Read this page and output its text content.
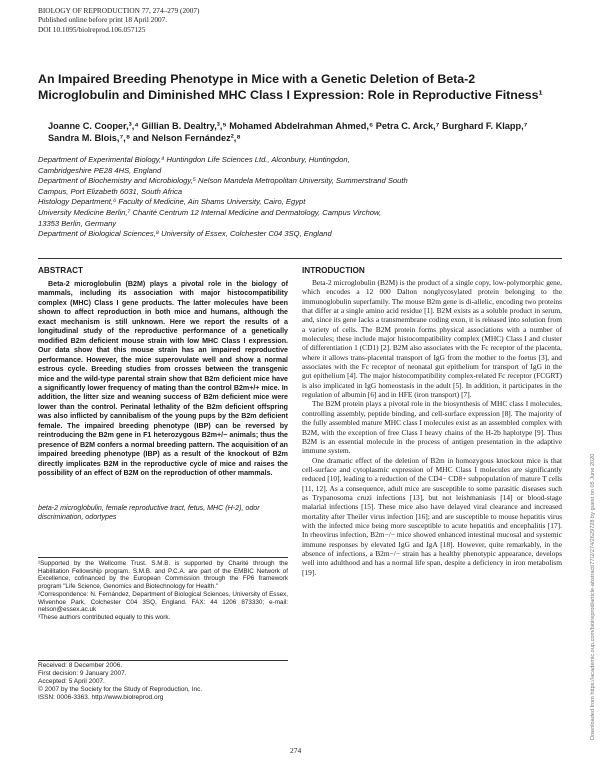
BIOLOGY OF REPRODUCTION 77, 274–279 (2007)
Published online before print 18 April 2007.
DOI 10.1095/biolreprod.106.057125
An Impaired Breeding Phenotype in Mice with a Genetic Deletion of Beta-2 Microglobulin and Diminished MHC Class I Expression: Role in Reproductive Fitness¹
Joanne C. Cooper,³,⁴ Gillian B. Dealtry,³,⁵ Mohamed Abdelrahman Ahmed,⁶ Petra C. Arck,⁷ Burghard F. Klapp,⁷ Sandra M. Blois,⁷,⁸ and Nelson Fernández²,⁸
Department of Experimental Biology,⁴ Huntingdon Life Sciences Ltd., Alconbury, Huntingdon,
Cambridgeshire PE28 4HS, England
Department of Biochemistry and Microbiology,⁵ Nelson Mandela Metropolitan University, Summerstrand South
Campus, Port Elizabeth 6031, South Africa
Histology Department,⁶ Faculty of Medicine, Ain Shams University, Cairo, Egypt
University Medicine Berlin,⁷ Charité Centrum 12 Internal Medicine and Dermatology, Campus Virchow,
13353 Berlin, Germany
Department of Biological Sciences,⁸ University of Essex, Colchester C04 3SQ, England
Downloaded from https://academic.oup.com/biolreprod/article-abstract/77/2/274/2629728 by guest on 05 June 2020
ABSTRACT
Beta-2 microglobulin (B2M) plays a pivotal role in the biology of mammals, including its association with major histocompatibility complex (MHC) Class I gene products. The latter molecules have been shown to affect reproduction in both mice and humans, although the exact mechanism is still unknown. Here we report the results of a longitudinal study of the reproductive performance of a genetically modified B2m deficient mouse strain with low MHC Class I expression. Our data show that this mouse strain has an impaired reproductive performance. However, the mice superovulate well and show a normal estrous cycle. Breeding studies from crosses between the transgenic mice and the wild-type parental strain show that B2m deficient mice have a significantly lower frequency of mating than the control B2m+/+ mice. In addition, the litter size and weaning success of B2m deficient mice were lower than the control. Perinatal lethality of the B2m deficient offspring was also inflicted by cannibalism of the young pups by the B2m deficient female. The impaired breeding phenotype (IBP) can be reversed by reintroducing the B2m gene in F1 heterozygous B2m+/− animals; thus the presence of B2M confers a normal breeding pattern. The acquisition of an impaired breeding phenotype (IBP) as a result of the knockout of B2m directly implicates B2M in the reproductive cycle of mice and raises the possibility of an effect of B2M on the reproduction of other mammals.
beta-2 microglobulin, female reproductive tract, fetus, MHC (H-2), odor discrimination, odortypes

¹Supported by the Wellcome Trust. S.M.B. is supported by Charité through the Habilitation Fellowship program. S.M.B. and P.C.A. are part of the EMBIC Network of Excellence, cofinanced by the European Commission through the FP6 framework program "Life Science, Genomics and Biotechnology for Health."

²Correspondence: N. Fernández, Department of Biological Sciences, University of Essex, Wivenhoe Park, Colchester C04 3SQ, England. FAX: 44 1206 873330; e-mail: nelson@essex.ac.uk

³These authors contributed equally to this work.

Received: 8 December 2006.
First decision: 9 January 2007.
Accepted: 5 April 2007.
© 2007 by the Society for the Study of Reproduction, Inc.
ISSN: 0006-3363. http://www.biolreprod.org
INTRODUCTION

Beta-2 microglobulin (B2M) is the product of a single copy, low-polymorphic gene, which encodes a 12 000 Dalton nonglycosylated protein belonging to the immunoglobulin superfamily. The mouse B2m gene is di-allelic, encoding two proteins that differ at a single amino acid residue [1]. B2M exists as a soluble product in serum, and, since its gene lacks a transmembrane coding exon, it is released into solution from a variety of cells. The B2M protein forms physical associations with a number of molecules; these include major histocompatibility complex (MHC) Class I and cluster of differentiation 1 (CD1) [2]. B2M also associates with the Fc receptor of the placenta, where it allows trans-placental transport of IgG from the mother to the foetus [3], and associates with the Fc receptor of neonatal gut epithelium for transport of IgG in the gut epithelium [4]. The major histocompatibility complex-related Fc receptor (FCGRT) is also implicated in IgG homeostasis in the adult [5]. In addition, it participates in the regulation of albumin [6] and in HFE (iron transport) [7].

The B2M protein plays a pivotal role in the biosynthesis of MHC class I molecules, controlling assembly, peptide binding, and cell-surface expression [8]. The majority of the fully assembled mature MHC class I molecules exist as an assembled complex with B2M, with the exception of free Class I heavy chains of the H-2b haplotype [9]. Thus B2M is an essential molecule in the process of antigen presentation in the adaptive immune system.

One dramatic effect of the deletion of B2m in homozygous knockout mice is that cell-surface and cytoplasmic expression of MHC Class I molecules are significantly reduced [10], leading to a reduction of the CD4− CD8+ subpopulation of mature T cells [11, 12]. As a consequence, adult mice are susceptible to some parasitic diseases such as Trypanosoma cruzi infections [13], but not leishmaniasis [14] or blood-stage malarial infections [15]. These mice also have delayed viral clearance and increased mortality after Theiler virus infection [16]; and are susceptible to mouse hepatitis virus with the infected mice being more susceptible to acute hepatitis and encephalitis [17]. In rheovirus infection, B2m−/− mice showed enhanced intestinal mucosal and systemic immune responses by elevated IgG and IgA [18]. However, quite remarkably, in the absence of infections, a B2m−/− strain has a healthy phenotypic appearance, develops well into adulthood and has a normal life span, despite a deficiency in iron metabolism [19].

274
